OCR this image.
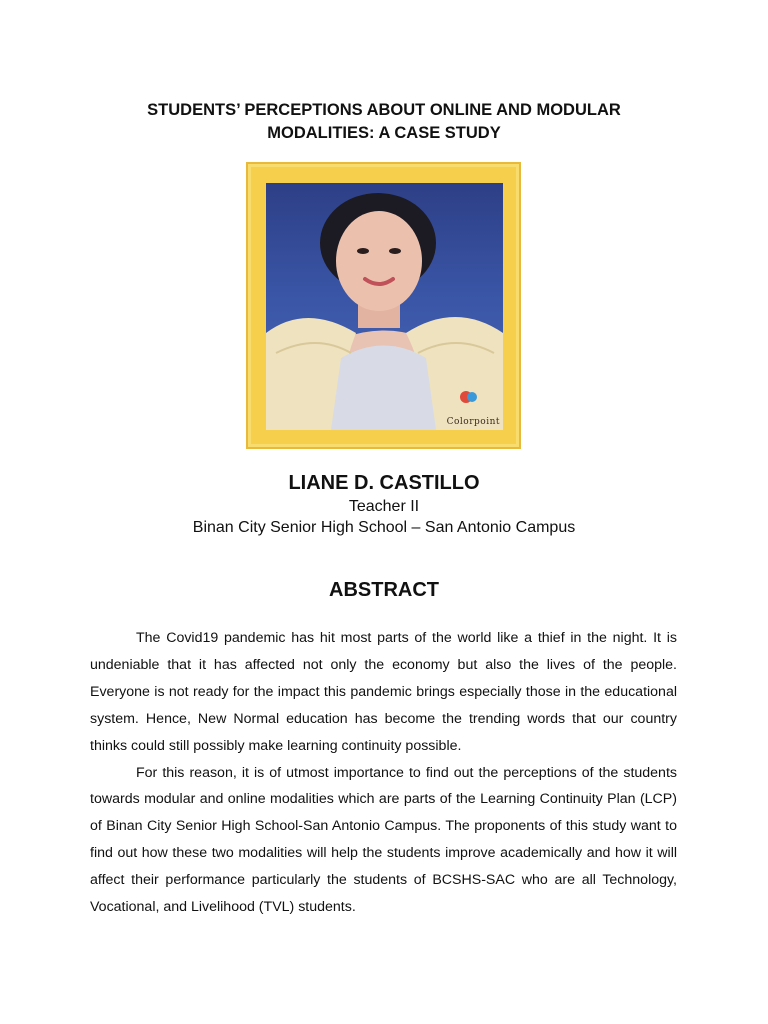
STUDENTS’ PERCEPTIONS ABOUT ONLINE AND MODULAR
MODALITIES: A CASE STUDY
Colorpoint

LIANE D. CASTILLO

Teacher II

Binan City Senior High School – San Antonio Campus

ABSTRACT

The Covid19 pandemic has hit most parts of the world like a thief in the night. It is undeniable that it has affected not only the economy but also the lives of the people. Everyone is not ready for the impact this pandemic brings especially those in the educational system. Hence, New Normal education has become the trending words that our country thinks could still possibly make learning continuity possible.

For this reason, it is of utmost importance to find out the perceptions of the students towards modular and online modalities which are parts of the Learning Continuity Plan (LCP) of Binan City Senior High School-San Antonio Campus. The proponents of this study want to find out how these two modalities will help the students improve academically and how it will affect their performance particularly the students of BCSHS-SAC who are all Technology, Vocational, and Livelihood (TVL) students.
